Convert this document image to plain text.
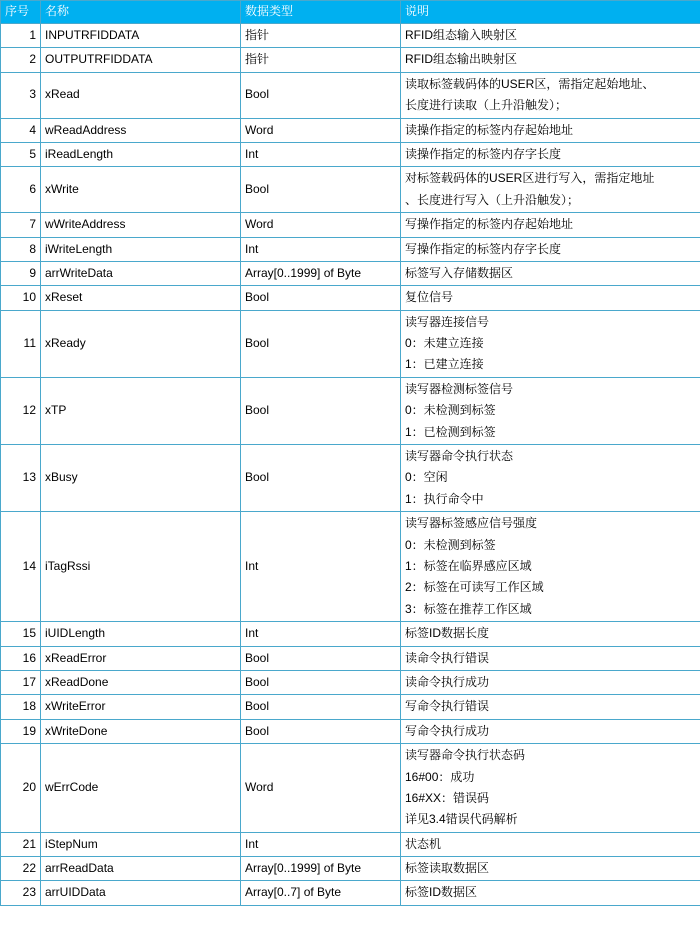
序号	名称	数据类型	说明
1	INPUTRFIDDATA	指针	RFID组态输入映射区

2	OUTPUTRFIDDATA	指针	RFID组态输出映射区

3	xRead	Bool	读取标签载码体的USER区，需指定起始地址、
长度进行读取（上升沿触发）；

4	wReadAddress	Word	读操作指定的标签内存起始地址

5	iReadLength	Int	读操作指定的标签内存字长度

6	xWrite	Bool	对标签载码体的USER区进行写入，需指定地址
、长度进行写入（上升沿触发）；

7	wWriteAddress	Word	写操作指定的标签内存起始地址

8	iWriteLength	Int	写操作指定的标签内存字长度

9	arrWriteData	Array[0..1999] of Byte	标签写入存储数据区

10	xReset	Bool	复位信号

11	xReady	Bool	读写器连接信号
0：未建立连接
1：已建立连接

12	xTP	Bool	读写器检测标签信号
0：未检测到标签
1：已检测到标签

13	xBusy	Bool	读写器命令执行状态
0：空闲
1：执行命令中

14	iTagRssi	Int	读写器标签感应信号强度
0：未检测到标签
1：标签在临界感应区域
2：标签在可读写工作区域
3：标签在推荐工作区域

15	iUIDLength	Int	标签ID数据长度

16	xReadError	Bool	读命令执行错误

17	xReadDone	Bool	读命令执行成功

18	xWriteError	Bool	写命令执行错误

19	xWriteDone	Bool	写命令执行成功

20	wErrCode	Word	读写器命令执行状态码
16#00：成功
16#XX：错误码
详见3.4错误代码解析

21	iStepNum	Int	状态机

22	arrReadData	Array[0..1999] of Byte	标签读取数据区

23	arrUIDData	Array[0..7] of Byte	标签ID数据区
